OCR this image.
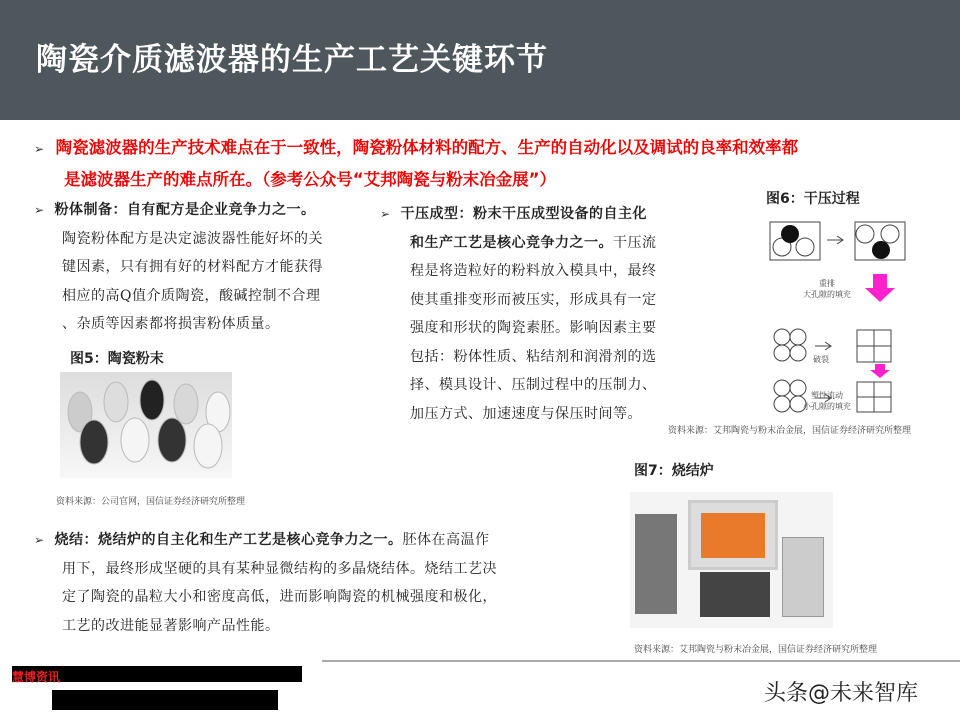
陶瓷介质滤波器的生产工艺关键环节
➢ 陶瓷滤波器的生产技术难点在于一致性，陶瓷粉体材料的配方、生产的自动化以及调试的良率和效率都
是滤波器生产的难点所在。（参考公众号“艾邦陶瓷与粉末冶金展”）
➢ 粉体制备：自有配方是企业竞争力之一。
陶瓷粉体配方是决定滤波器性能好坏的关
键因素，只有拥有好的材料配方才能获得
相应的高Q值介质陶瓷，酸碱控制不合理
、杂质等因素都将损害粉体质量。
➢ 干压成型：粉末干压成型设备的自主化
和生产工艺是核心竞争力之一。干压流
程是将造粒好的粉料放入模具中，最终
使其重排变形而被压实，形成具有一定
强度和形状的陶瓷素胚。影响因素主要
包括：粉体性质、粘结剂和润滑剂的选
择、模具设计、压制过程中的压制力、
加压方式、加速速度与保压时间等。
图5：陶瓷粉末
资料来源：公司官网，国信证券经济研究所整理
图6：干压过程
重排
大孔隙的填充
破裂
塑性流动
小孔隙的填充
资料来源：艾邦陶瓷与粉末冶金展，国信证券经济研究所整理
图7：烧结炉
资料来源：艾邦陶瓷与粉末冶金展，国信证券经济研究所整理
➢ 烧结：烧结炉的自主化和生产工艺是核心竞争力之一。胚体在高温作
用下，最终形成坚硬的具有某种显微结构的多晶烧结体。烧结工艺决
定了陶瓷的晶粒大小和密度高低，进而影响陶瓷的机械强度和极化，
工艺的改进能显著影响产品性能。
慧博资讯
头条@未来智库
